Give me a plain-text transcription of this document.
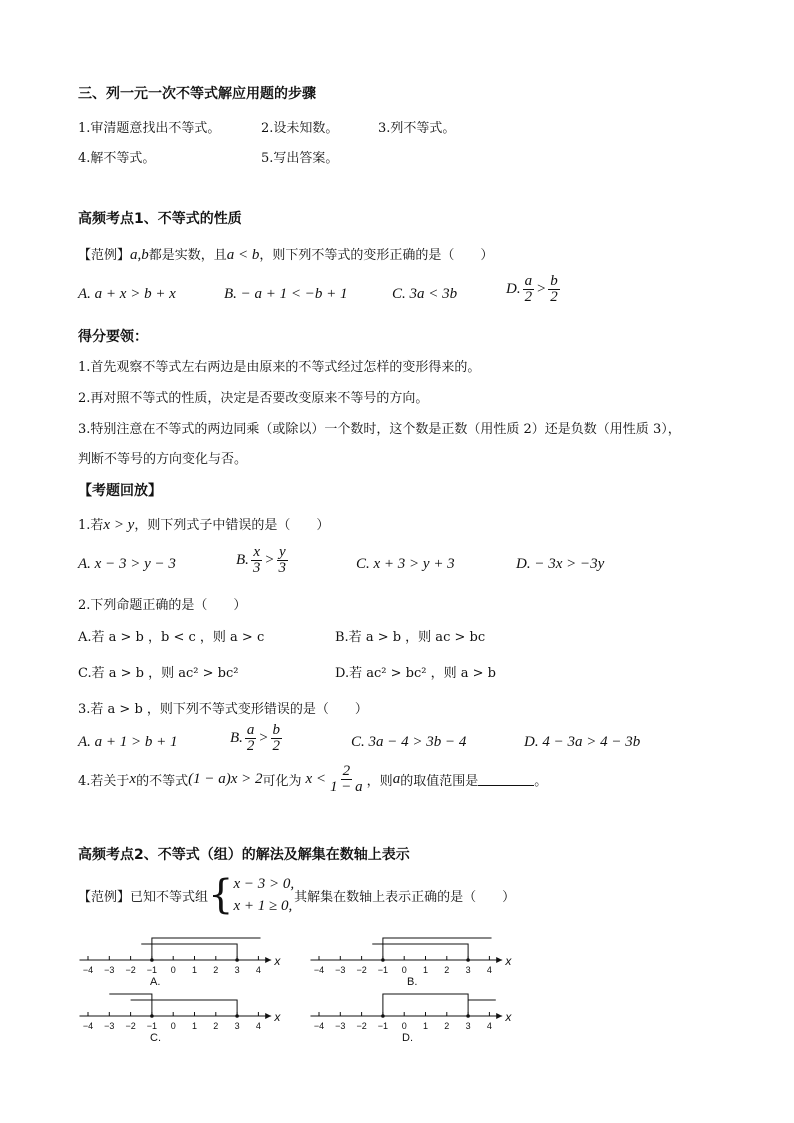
三、列一元一次不等式解应用题的步骤
1.审清题意找出不等式。	2.设未知数。	3.列不等式。
4.解不等式。	5.写出答案。
高频考点1、不等式的性质
【范例】a,b都是实数，且a < b，则下列不等式的变形正确的是（　　）
A. a + x > b + x	B. − a + 1 < −b + 1	C. 3a < 3b	D. $\frac{a}{2} > \frac{b}{2}$
得分要领：
1.首先观察不等式左右两边是由原来的不等式经过怎样的变形得来的。
2.再对照不等式的性质，决定是否要改变原来不等号的方向。
3.特别注意在不等式的两边同乘（或除以）一个数时，这个数是正数（用性质 2）还是负数（用性质 3），
判断不等号的方向变化与否。
【考题回放】
1.若x > y，则下列式子中错误的是（　　）
A. x − 3 > y − 3	B. $\frac{x}{3} > \frac{y}{3}$	C. x + 3 > y + 3	D. − 3x > −3y
2.下列命题正确的是（　　）
A.若 a > b ，b < c ，则 a > c	B.若 a > b ，则 ac > bc
C.若 a > b ，则 ac² > bc²	D.若 ac² > bc² ，则 a > b
3.若 a > b ，则下列不等式变形错误的是（　　）
A. a + 1 > b + 1	B. $\frac{a}{2} > \frac{b}{2}$	C. 3a − 4 > 3b − 4	D. 4 − 3a > 4 − 3b
4.若关于 x 的不等式 (1 − a)x > 2 可化为 $x < \frac{2}{1 - a}$ ，则 a 的取值范围是	。
高频考点2、不等式（组）的解法及解集在数轴上表示
【范例】已知不等式组 { x − 3 > 0,
x + 1 ≥ 0,
其解集在数轴上表示正确的是（　　）
−4 −3 −2 −1 0 1 2 3 4
x
A.
−4 −3 −2 −1 0 1 2 3 4
x
B.
−4 −3 −2 −1 0 1 2 3 4
x
C.
−4 −3 −2 −1 0 1 2 3 4
x
D.
